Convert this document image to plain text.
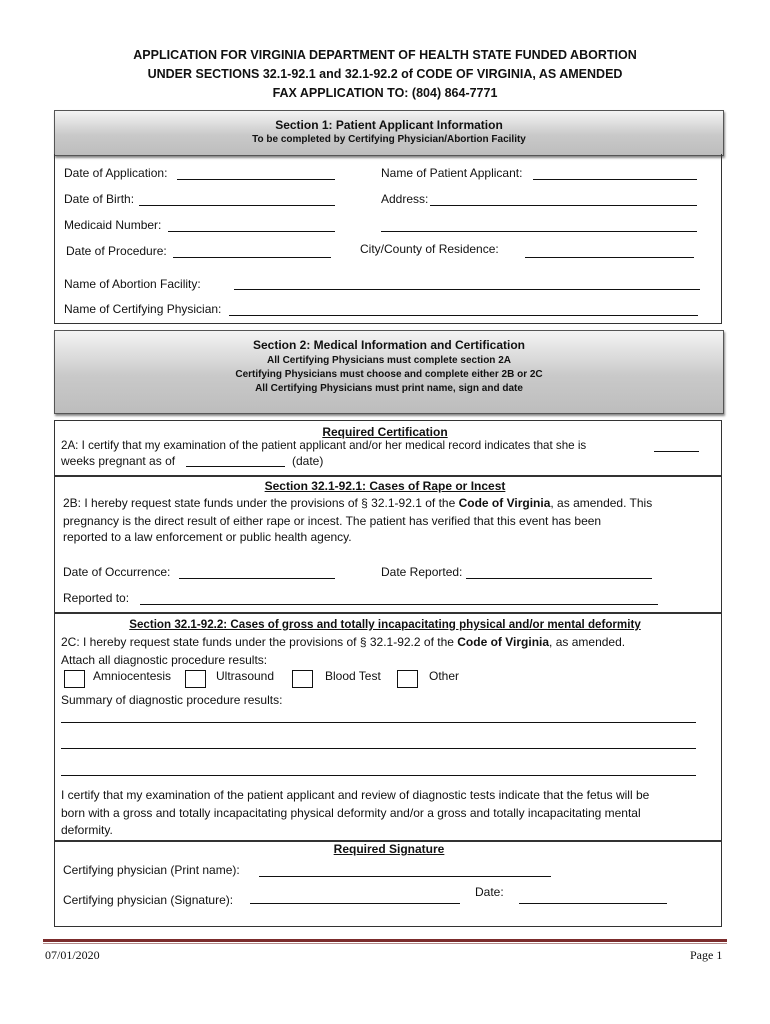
APPLICATION FOR VIRGINIA DEPARTMENT OF HEALTH STATE FUNDED ABORTION
UNDER SECTIONS 32.1-92.1 and 32.1-92.2 of CODE OF VIRGINIA, AS AMENDED
FAX APPLICATION TO: (804) 864-7771
Section 1: Patient Applicant Information
To be completed by Certifying Physician/Abortion Facility
Date of Application:	Name of Patient Applicant:
Date of Birth:	Address:
Medicaid Number:
Date of Procedure:	City/County of Residence:
Name of Abortion Facility:
Name of Certifying Physician:
Section 2: Medical Information and Certification
All Certifying Physicians must complete section 2A
Certifying Physicians must choose and complete either 2B or 2C
All Certifying Physicians must print name, sign and date
Required Certification
2A: I certify that my examination of the patient applicant and/or her medical record indicates that she is
weeks pregnant as of	(date)
Section 32.1-92.1: Cases of Rape or Incest
2B: I hereby request state funds under the provisions of § 32.1-92.1 of the Code of Virginia, as amended. This
pregnancy is the direct result of either rape or incest. The patient has verified that this event has been
reported to a law enforcement or public health agency.
Date of Occurrence:	Date Reported:
Reported to:
Section 32.1-92.2: Cases of gross and totally incapacitating physical and/or mental deformity
2C: I hereby request state funds under the provisions of § 32.1-92.2 of the Code of Virginia, as amended.
Attach all diagnostic procedure results:
Amniocentesis	Ultrasound	Blood Test	Other
Summary of diagnostic procedure results:
I certify that my examination of the patient applicant and review of diagnostic tests indicate that the fetus will be
born with a gross and totally incapacitating physical deformity and/or a gross and totally incapacitating mental
deformity.
Required Signature
Certifying physician (Print name):
Certifying physician (Signature):
Date:
07/01/2020	Page 1
